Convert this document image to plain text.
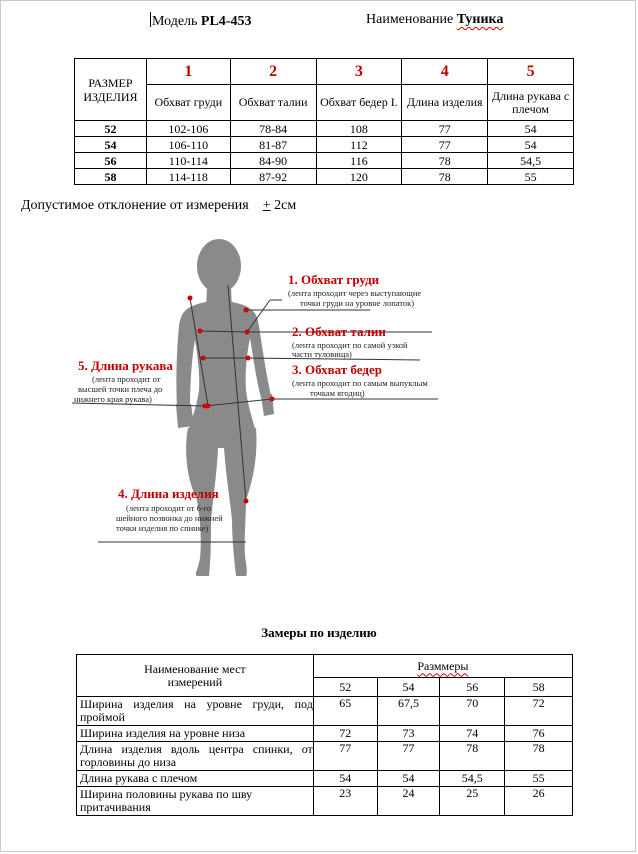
Модель PL4-453	Наименование Туника
РАЗМЕР ИЗДЕЛИЯ	1	2	3	4	5
	Обхват груди	Обхват талии	Обхват бедер I.	Длина изделия	Длина рукава с плечом
52	102-106	78-84	108	77	54
54	106-110	81-87	112	77	54
56	110-114	84-90	116	78	54,5
58	114-118	87-92	120	78	55
Допустимое отклонение от измерения + 2см
1. Обхват груди
(лента проходит через выступающие
точки груди на уровне лопаток)
2. Обхват талии
(лента проходит по самой узкой
части туловища)
3. Обхват бедер
(лента проходит по самым выпуклым
точкам ягодиц)
4. Длина изделия
(лента проходит от 6-го
шейного позвонка до нижней
точки изделия по спинке)
5. Длина рукава
(лента проходит от
высшей точки плеча до
нижнего края рукава)
Замеры по изделию
Наименование мест измерений	Разммеры			
	52	54	56	58
Ширина изделия на уровне груди, под проймой	65	67,5	70	72
Ширина изделия на уровне низа	72	73	74	76
Длина изделия вдоль центра спинки, от горловины до низа	77	77	78	78
Длина рукава с плечом	54	54	54,5	55
Ширина половины рукава по шву притачивания	23	24	25	26
